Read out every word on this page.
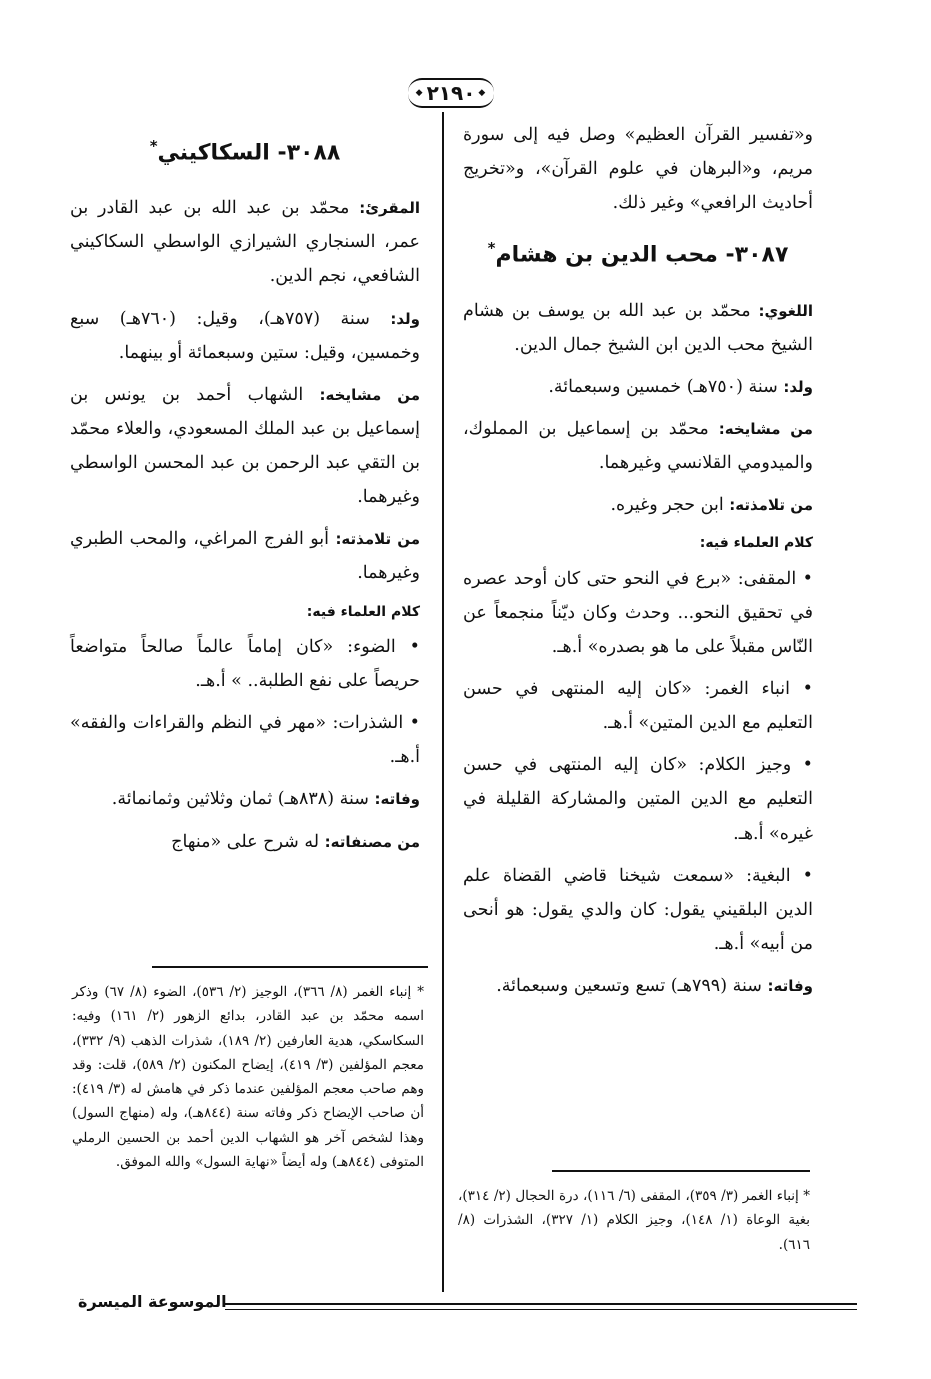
◆ ٢١٩٠
◆

و«تفسير القرآن العظيم» وصل فيه إلى سورة مريم، و«البرهان في علوم القرآن»، و«تخريج أحاديث الرافعي» وغير ذلك.

٣٠٨٧- محب الدين بن هشام*

اللغوي: محمّد بن عبد الله بن يوسف بن هشام الشيخ محب الدين ابن الشيخ جمال الدين.

ولد: سنة (٧٥٠هـ) خمسين وسبعمائة.

من مشايخه: محمّد بن إسماعيل بن المملوك، والميدومي القلانسي وغيرهما.

من تلامذته: ابن حجر وغيره.

كلام العلماء فيه:

• المقفى: «برع في النحو حتى كان أوحد عصره في تحقيق النحو... وحدث وكان ديّناً منجمعاً عن النّاس مقبلاً على ما هو بصدره» أ.هـ.

• انباء الغمر: «كان إليه المنتهى في حسن التعليم مع الدين المتين» أ.هـ.

• وجيز الكلام: «كان إليه المنتهى في حسن التعليم مع الدين المتين والمشاركة القليلة في غيره» أ.هـ.

• البغية: «سمعت شيخنا قاضي القضاة علم الدين البلقيني يقول: كان والدي يقول: هو أنحى من أبيه» أ.هـ.

وفاته: سنة (٧٩٩هـ) تسع وتسعين وسبعمائة.

٣٠٨٨- السكاكيني*

المقرئ: محمّد بن عبد الله بن عبد القادر بن عمر، السنجاري الشيرازي الواسطي السكاكيني الشافعي، نجم الدين.

ولد: سنة (٧٥٧هـ)، وقيل: (٧٦٠هـ) سبع وخمسين، وقيل: ستين وسبعمائة أو بينهما.

من مشايخه: الشهاب أحمد بن يونس بن إسماعيل بن عبد الملك المسعودي، والعلاء محمّد بن التقي عبد الرحمن بن عبد المحسن الواسطي وغيرهما.

من تلامذته: أبو الفرج المراغي، والمحب الطبري وغيرهما.

كلام العلماء فيه:

• الضوء: «كان إماماً عالماً صالحاً متواضعاً حريصاً على نفع الطلبة.. » أ.هـ.

• الشذرات: «مهر في النظم والقراءات والفقه» أ.هـ.

وفاته: سنة (٨٣٨هـ) ثمان وثلاثين وثمانمائة.

من مصنفاته: له شرح على «منهاج

* إنباء الغمر (٨/ ٣٦٦)، الوجيز (٢/ ٥٣٦)، الضوء (٨/ ٦٧) وذكر اسمه محمّد بن عبد القادر، بدائع الزهور (٢/ ١٦١) وفيه: السكاسكي، هدية العارفين (٢/ ١٨٩)، شذرات الذهب (٩/ ٣٣٢)، معجم المؤلفين (٣/ ٤١٩)، إيضاح المكنون (٢/ ٥٨٩)، قلت: وقد وهم صاحب معجم المؤلفين عندما ذكر في هامش له (٣/ ٤١٩): أن صاحب الإيضاح ذكر وفاته سنة (٨٤٤هـ)، وله (منهاج السول) وهذا لشخص آخر هو الشهاب الدين أحمد بن الحسين الرملي المتوفى (٨٤٤هـ) وله أيضاً «نهاية السول» والله الموفق.
* إنباء الغمر (٣/ ٣٥٩)، المقفى (٦/ ١١٦)، درة الحجال (٢/ ٣١٤)، بغية الوعاة (١/ ١٤٨)، وجيز الكلام (١/ ٣٢٧)، الشذرات (٨/ ٦١٦).
الموسوعة الميسرة
